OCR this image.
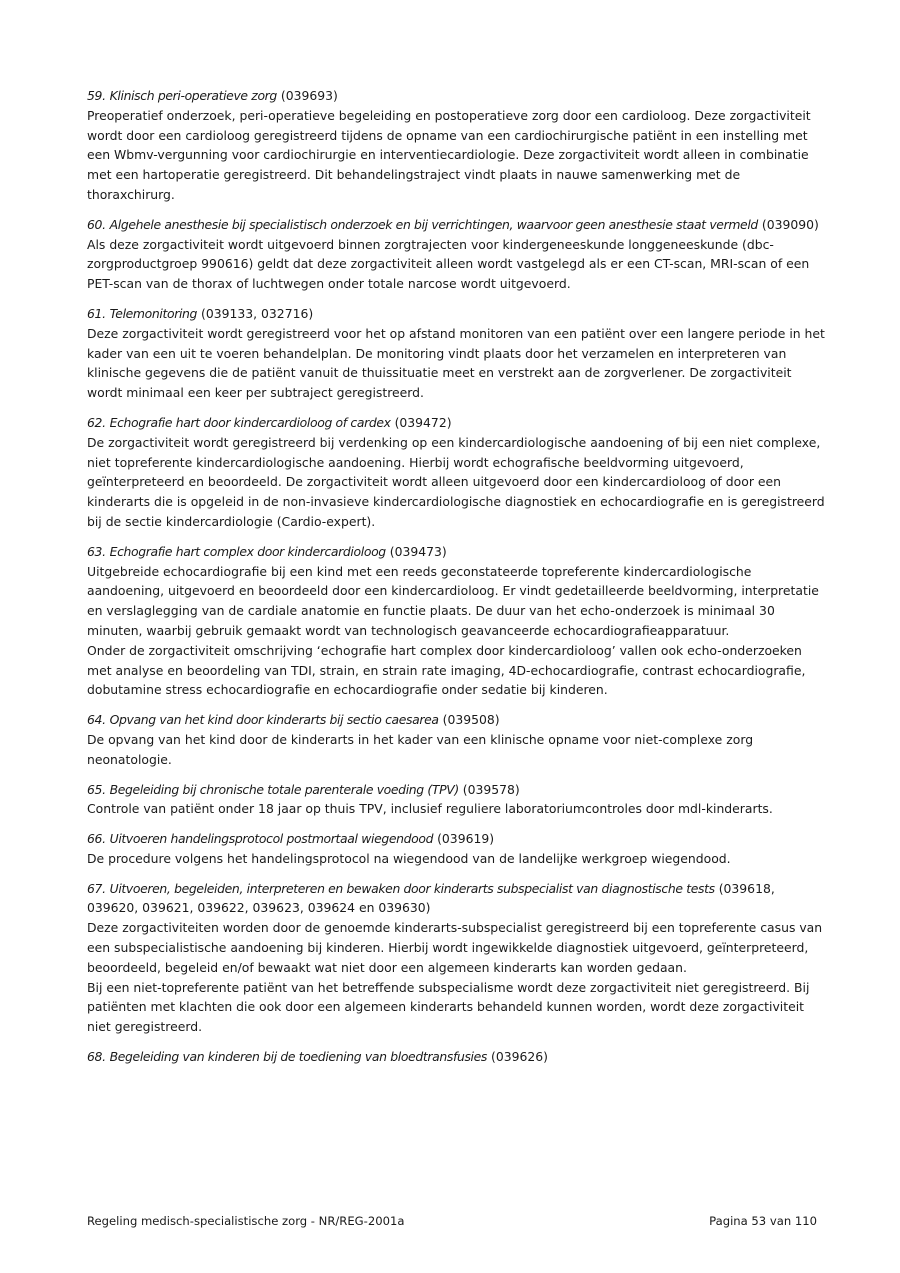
59. Klinisch peri-operatieve zorg (039693)

Preoperatief onderzoek, peri-operatieve begeleiding en postoperatieve zorg door een cardioloog. Deze zorgactiviteit wordt door een cardioloog geregistreerd tijdens de opname van een cardiochirurgische patiënt in een instelling met een Wbmv-vergunning voor cardiochirurgie en interventiecardiologie. Deze zorgactiviteit wordt alleen in combinatie met een hartoperatie geregistreerd. Dit behandelingstraject vindt plaats in nauwe samenwerking met de thoraxchirurg.

60. Algehele anesthesie bij specialistisch onderzoek en bij verrichtingen, waarvoor geen anesthesie staat vermeld (039090)

Als deze zorgactiviteit wordt uitgevoerd binnen zorgtrajecten voor kindergeneeskunde longgeneeskunde (dbc-zorgproductgroep 990616) geldt dat deze zorgactiviteit alleen wordt vastgelegd als er een CT-scan, MRI-scan of een PET-scan van de thorax of luchtwegen onder totale narcose wordt uitgevoerd.

61. Telemonitoring (039133, 032716)

Deze zorgactiviteit wordt geregistreerd voor het op afstand monitoren van een patiënt over een langere periode in het kader van een uit te voeren behandelplan. De monitoring vindt plaats door het verzamelen en interpreteren van klinische gegevens die de patiënt vanuit de thuissituatie meet en verstrekt aan de zorgverlener. De zorgactiviteit wordt minimaal een keer per subtraject geregistreerd.

62. Echografie hart door kindercardioloog of cardex (039472)

De zorgactiviteit wordt geregistreerd bij verdenking op een kindercardiologische aandoening of bij een niet complexe, niet topreferente kindercardiologische aandoening. Hierbij wordt echografische beeldvorming uitgevoerd, geïnterpreteerd en beoordeeld. De zorgactiviteit wordt alleen uitgevoerd door een kindercardioloog of door een kinderarts die is opgeleid in de non-invasieve kindercardiologische diagnostiek en echocardiografie en is geregistreerd bij de sectie kindercardiologie (Cardio-expert).

63. Echografie hart complex door kindercardioloog (039473)

Uitgebreide echocardiografie bij een kind met een reeds geconstateerde topreferente kindercardiologische aandoening, uitgevoerd en beoordeeld door een kindercardioloog. Er vindt gedetailleerde beeldvorming, interpretatie en verslaglegging van de cardiale anatomie en functie plaats. De duur van het echo-onderzoek is minimaal 30 minuten, waarbij gebruik gemaakt wordt van technologisch geavanceerde echocardiografieapparatuur.

Onder de zorgactiviteit omschrijving ‘echografie hart complex door kindercardioloog’ vallen ook echo-onderzoeken met analyse en beoordeling van TDI, strain, en strain rate imaging, 4D-echocardiografie, contrast echocardiografie, dobutamine stress echocardiografie en echocardiografie onder sedatie bij kinderen.

64. Opvang van het kind door kinderarts bij sectio caesarea (039508)

De opvang van het kind door de kinderarts in het kader van een klinische opname voor niet-complexe zorg neonatologie.

65. Begeleiding bij chronische totale parenterale voeding (TPV) (039578)

Controle van patiënt onder 18 jaar op thuis TPV, inclusief reguliere laboratoriumcontroles door mdl-kinderarts.

66. Uitvoeren handelingsprotocol postmortaal wiegendood (039619)

De procedure volgens het handelingsprotocol na wiegendood van de landelijke werkgroep wiegendood.

67. Uitvoeren, begeleiden, interpreteren en bewaken door kinderarts subspecialist van diagnostische tests (039618, 039620, 039621, 039622, 039623, 039624 en 039630)

Deze zorgactiviteiten worden door de genoemde kinderarts-subspecialist geregistreerd bij een topreferente casus van een subspecialistische aandoening bij kinderen. Hierbij wordt ingewikkelde diagnostiek uitgevoerd, geïnterpreteerd, beoordeeld, begeleid en/of bewaakt wat niet door een algemeen kinderarts kan worden gedaan.

Bij een niet-topreferente patiënt van het betreffende subspecialisme wordt deze zorgactiviteit niet geregistreerd. Bij patiënten met klachten die ook door een algemeen kinderarts behandeld kunnen worden, wordt deze zorgactiviteit niet geregistreerd.

68. Begeleiding van kinderen bij de toediening van bloedtransfusies (039626)
Regeling medisch-specialistische zorg - NR/REG-2001a	Pagina 53 van 110
